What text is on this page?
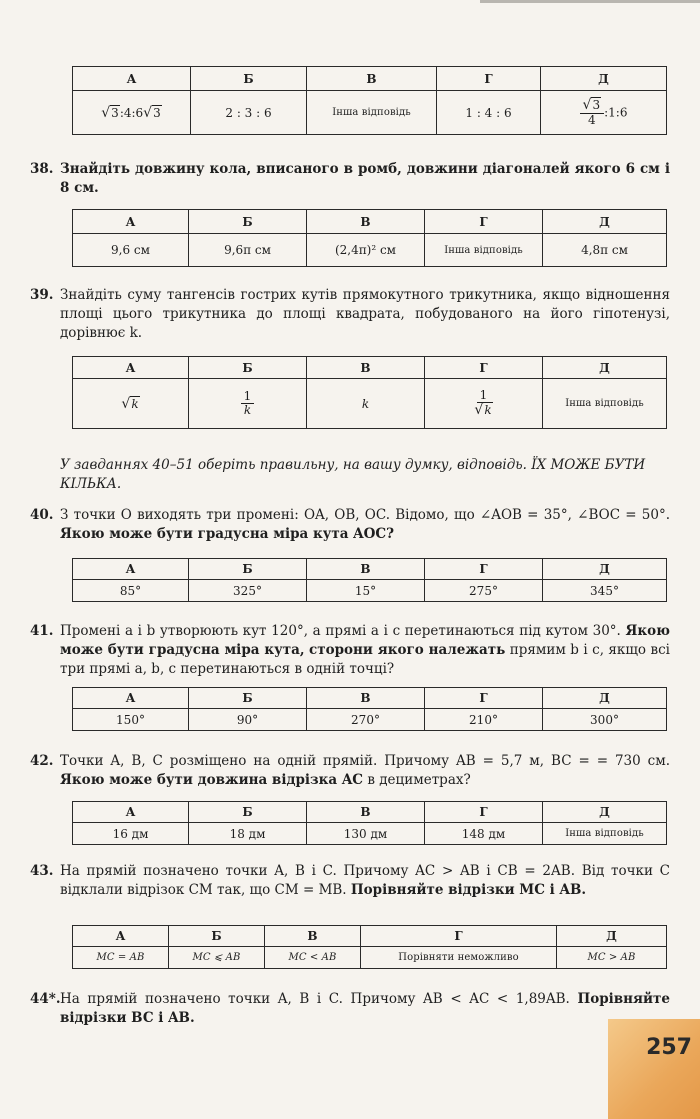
А	Б	В	Г	Д
√3:4:6√3	2 : 3 : 6	Інша відповідь	1 : 4 : 6	$\frac{√3}{4}$ :1:6
38. Знайдіть довжину кола, вписаного в ромб, довжини діагоналей якого 6 см і 8 см.
А	Б	В	Г	Д
9,6 см	9,6π см	(2,4π)² см	Інша відповідь	4,8π см
39. Знайдіть суму тангенсів гострих кутів прямокутного трикутника, якщо відношення площі цього трикутника до площі квадрата, побудованого на його гіпотенузі, дорівнює k.
А	Б	В	Г	Д
√k	$\frac{1}{k}$	k	$\frac{1}{√k}$	Інша відповідь
У завданнях 40–51 оберіть правильну, на вашу думку, відповідь. ЇХ МОЖЕ БУТИ КІЛЬКА.
40. З точки O виходять три промені: OA, OB, OC. Відомо, що ∠AOB = 35°, ∠BOC = 50°. Якою може бути градусна міра кута AOC?
А	Б	В	Г	Д
85°	325°	15°	275°	345°
41. Промені a і b утворюють кут 120°, а прямі a і c перетинаються під кутом 30°. Якою може бути градусна міра кута, сторони якого належать прямим b і c, якщо всі три прямі a, b, c перетинаються в одній точці?
А	Б	В	Г	Д
150°	90°	270°	210°	300°
42. Точки A, B, C розміщено на одній прямій. Причому AB = 5,7 м, BC = = 730 см. Якою може бути довжина відрізка AC в дециметрах?
А	Б	В	Г	Д
16 дм	18 дм	130 дм	148 дм	Інша відповідь
43. На прямій позначено точки A, B і C. Причому AC > AB і CB = 2AB. Від точки C відклали відрізок CM так, що CM = MB. Порівняйте відрізки MC і AB.
А	Б	В	Г	Д
MC = AB	MC ⩽ AB	MC < AB	Порівняти неможливо	MC > AB
44*. На прямій позначено точки A, B і C. Причому AB < AC < 1,89AB. Порівняйте відрізки BC і AB.
257
